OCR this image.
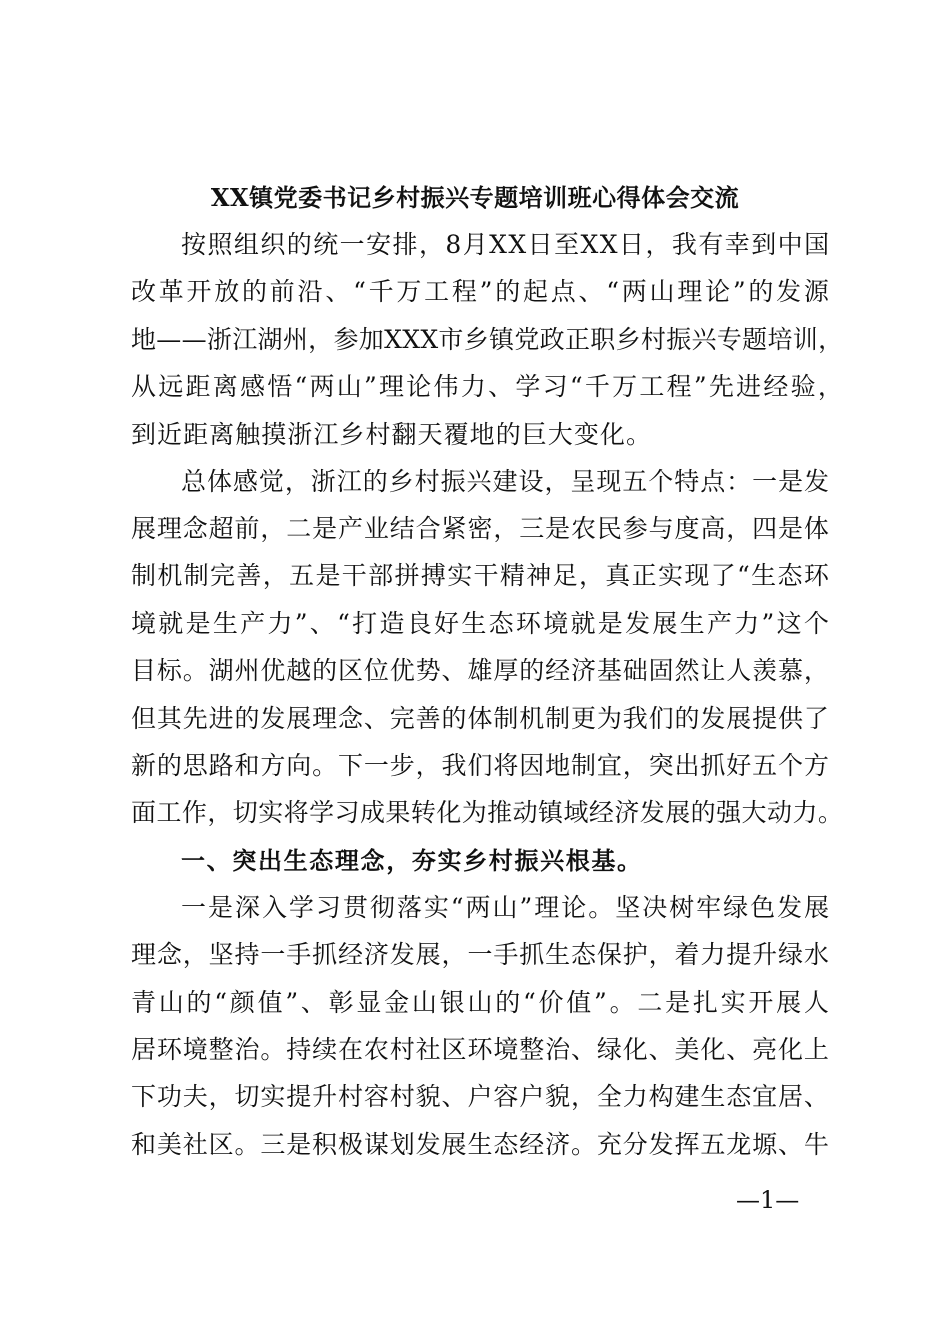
XX镇党委书记乡村振兴专题培训班心得体会交流

按照组织的统一安排，8月XX日至XX日，我有幸到中国

改革开放的前沿、“千万工程”的起点、“两山理论”的发源

地——浙江湖州，参加XXX市乡镇党政正职乡村振兴专题培训，

从远距离感悟“两山”理论伟力、学习“千万工程”先进经验，

到近距离触摸浙江乡村翻天覆地的巨大变化。

总体感觉，浙江的乡村振兴建设，呈现五个特点：一是发

展理念超前，二是产业结合紧密，三是农民参与度高，四是体

制机制完善，五是干部拼搏实干精神足，真正实现了“生态环

境就是生产力”、“打造良好生态环境就是发展生产力”这个

目标。湖州优越的区位优势、雄厚的经济基础固然让人羡慕，

但其先进的发展理念、完善的体制机制更为我们的发展提供了

新的思路和方向。下一步，我们将因地制宜，突出抓好五个方

面工作，切实将学习成果转化为推动镇域经济发展的强大动力。

一、突出生态理念，夯实乡村振兴根基。

一是深入学习贯彻落实“两山”理论。坚决树牢绿色发展

理念，坚持一手抓经济发展，一手抓生态保护，着力提升绿水

青山的“颜值”、彰显金山银山的“价值”。二是扎实开展人

居环境整治。持续在农村社区环境整治、绿化、美化、亮化上

下功夫，切实提升村容村貌、户容户貌，全力构建生态宜居、

和美社区。三是积极谋划发展生态经济。充分发挥五龙塬、牛

—1—
